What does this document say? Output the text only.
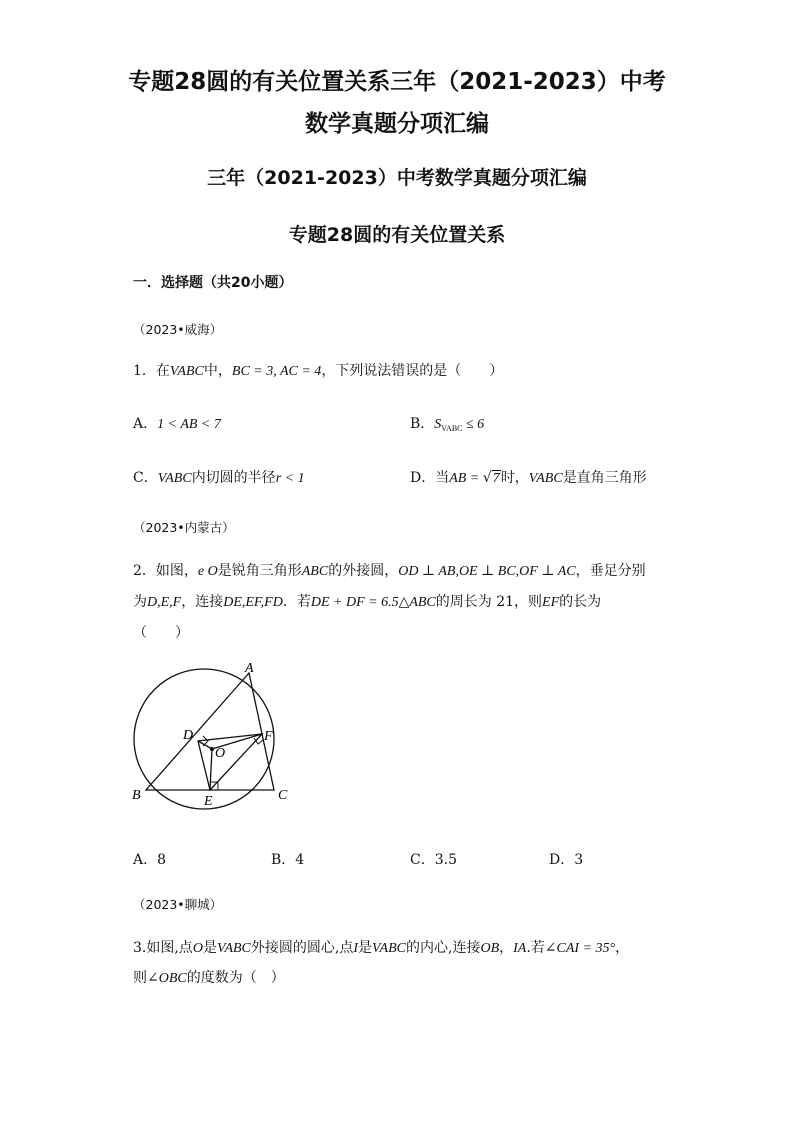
专题28圆的有关位置关系三年（2021-2023）中考
数学真题分项汇编
三年（2021-2023）中考数学真题分项汇编
专题28圆的有关位置关系
一．选择题（共20小题）
（2023•威海）
1．在VABC中，BC = 3, AC = 4，下列说法错误的是（　　）
A．1 < AB < 7	B．$S_{VABC} \le 6$
C．VABC内切圆的半径r < 1	D．当AB = √7时，VABC是直角三角形
（2023•内蒙古）
2．如图，e O是锐角三角形ABC的外接圆，OD ⊥ AB,OE ⊥ BC,OF ⊥ AC，垂足分别
为D,E,F，连接DE,EF,FD．若DE + DF = 6.5△ABC的周长为 21，则EF的长为
（　　）
A
B	C
D
E
F
O
A．8	B．4	C．3.5	D．3
（2023•聊城）
3.如图,点O是VABC外接圆的圆心,点I是VABC的内心,连接OB，IA.若∠CAI = 35°，
则∠OBC的度数为（　）
